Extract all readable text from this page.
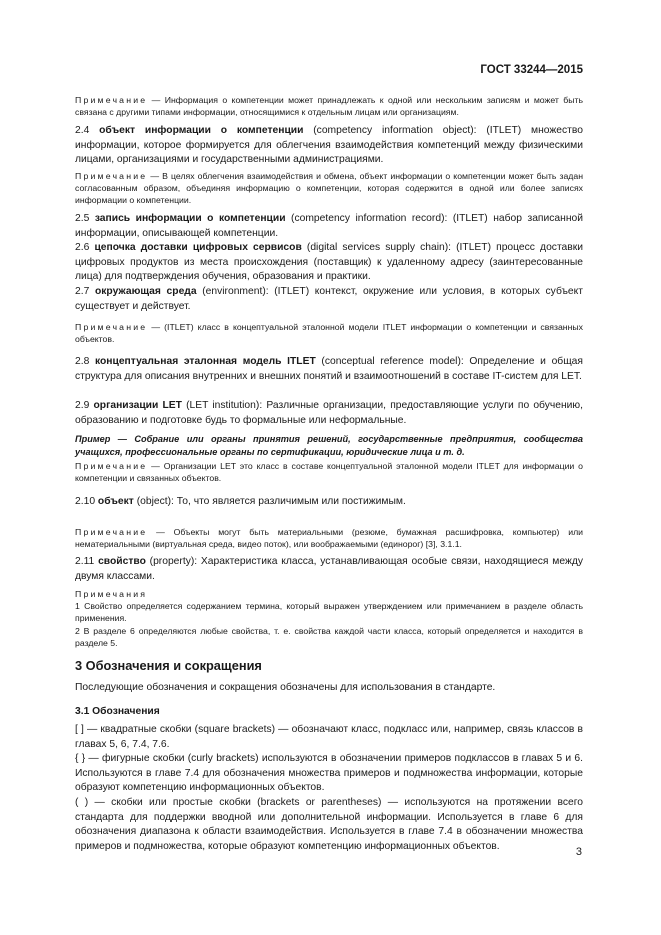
ГОСТ 33244—2015
Примечание — Информация о компетенции может принадлежать к одной или нескольким записям и может быть связана с другими типами информации, относящимися к отдельным лицам или организациям.
2.4 объект информации о компетенции (competency information object): (ITLET) множество информации, которое формируется для облегчения взаимодействия компетенций между физическими лицами, организациями и государственными администрациями.
Примечание — В целях облегчения взаимодействия и обмена, объект информации о компетенции может быть задан согласованным образом, объединяя информацию о компетенции, которая содержится в одной или более записях информации о компетенции.
2.5 запись информации о компетенции (competency information record): (ITLET) набор записанной информации, описывающей компетенции.
2.6 цепочка доставки цифровых сервисов (digital services supply chain): (ITLET) процесс доставки цифровых продуктов из места происхождения (поставщик) к удаленному адресу (заинтересованные лица) для подтверждения обучения, образования и практики.
2.7 окружающая среда (environment): (ITLET) контекст, окружение или условия, в которых субъект существует и действует.
Примечание — (ITLET) класс в концептуальной эталонной модели ITLET информации о компетенции и связанных объектов.
2.8 концептуальная эталонная модель ITLET (conceptual reference model): Определение и общая структура для описания внутренних и внешних понятий и взаимоотношений в составе IT-систем для LET.
2.9 организации LET (LET institution): Различные организации, предоставляющие услуги по обучению, образованию и подготовке будь то формальные или неформальные.
Пример — Собрание или органы принятия решений, государственные предприятия, сообщества учащихся, профессиональные органы по сертификации, юридические лица и т. д.
Примечание — Организации LET это класс в составе концептуальной эталонной модели ITLET для информации о компетенции и связанных объектов.
2.10 объект (object): То, что является различимым или постижимым.
Примечание — Объекты могут быть материальными (резюме, бумажная расшифровка, компьютер) или нематериальными (виртуальная среда, видео поток), или воображаемыми (единорог) [3], 3.1.1.
2.11 свойство (property): Характеристика класса, устанавливающая особые связи, находящиеся между двумя классами.
Примечания
1 Свойство определяется содержанием термина, который выражен утверждением или примечанием в разделе область применения.
2 В разделе 6 определяются любые свойства, т. е. свойства каждой части класса, который определяется и находится в разделе 5.
3 Обозначения и сокращения
Последующие обозначения и сокращения обозначены для использования в стандарте.
3.1 Обозначения
[ ] — квадратные скобки (square brackets) — обозначают класс, подкласс или, например, связь классов в главах 5, 6, 7.4, 7.6.
{ } — фигурные скобки (curly brackets) используются в обозначении примеров подклассов в главах 5 и 6. Используются в главе 7.4 для обозначения множества примеров и подмножества информации, которые образуют компетенцию информационных объектов.
( ) — скобки или простые скобки (brackets or parentheses) — используются на протяжении всего стандарта для поддержки вводной или дополнительной информации. Используется в главе 6 для обозначения диапазона к области взаимодействия. Используется в главе 7.4 в обозначении множества примеров и подмножества, которые образуют компетенцию информационных объектов.	3
